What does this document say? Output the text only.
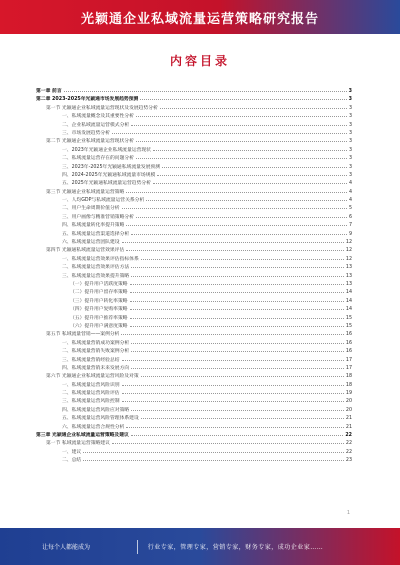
光颖通企业私域流量运营策略研究报告
内容目录
第一章 前言	3
第二章 2023-2025年光颖通市场发展趋势预测	3
第一节 光颖通企业私域流量运营现状及发展趋势分析	3
一、私域流量概念及其重要性分析	3
二、企业私域流量运营模式分析	3
三、市场发展趋势分析	3
第二节 光颖通企业私域流量运营现状分析	3
一、2023年光颖通企业私域流量运营现状	3
二、私域流量运营存在的问题分析	3
三、2023年-2025年光颖通私域流量发展预测	3
四、2024-2025年光颖通私域流量市场规模	3
五、2025年光颖通私域流量运营趋势分析	4
第三节 光颖通企业私域流量运营策略	4
一、人均GDP与私域流量运营关系分析	4
二、用户生命周期价值分析	5
三、用户画像与精准营销策略分析	6
四、私域流量转化率提升策略	7
五、私域流量运营渠道选择分析	9
六、私域流量运营团队建设	12
第四节 光颖通私域流量运营效果评估	12
一、私域流量运营效果评估指标体系	12
二、私域流量运营效果评估方法	13
三、私域流量运营效果提升策略	13
（一）提升用户活跃度策略	13
（二）提升用户留存率策略	14
（三）提升用户转化率策略	14
（四）提升用户复购率策略	14
（五）提升用户推荐率策略	15
（六）提升用户满意度策略	15
第五节 私域流量营销——案例分析	16
一、私域流量营销成功案例分析	16
二、私域流量营销失败案例分析	16
三、私域流量营销经验总结	17
四、私域流量营销未来发展方向	17
第六节 光颖通企业私域流量运营风险及对策	18
一、私域流量运营风险识别	18
二、私域流量运营风险评估	19
三、私域流量运营风险控制	20
四、私域流量运营风险应对策略	20
五、私域流量运营风险管理体系建设	21
六、私域流量运营合规性分析	21
第三章 光颖通企业私域流量运营策略及建议	22
第一节 私域流量运营策略建议	22
一、建议	22
二、总结	23
1
让每个人都能成为	行业专家，管理专家，营销专家，财务专家，成功企业家……
